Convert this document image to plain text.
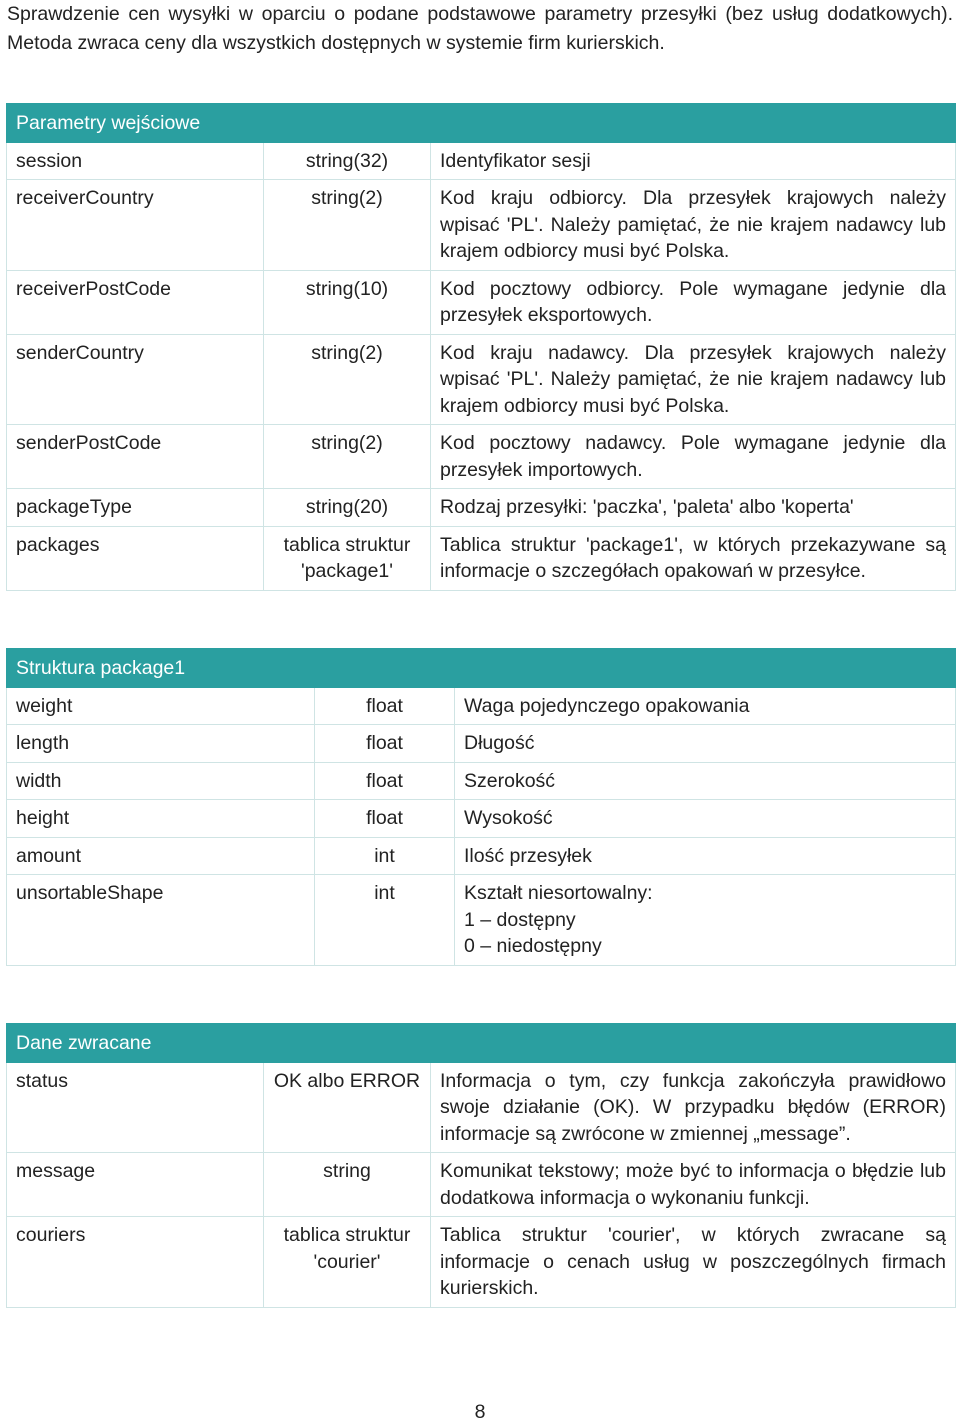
Sprawdzenie cen wysyłki w oparciu o podane podstawowe parametry przesyłki (bez usług dodatkowych). Metoda zwraca ceny dla wszystkich dostępnych w systemie firm kurierskich.
Parametry wejściowe		
session	string(32)	Identyfikator sesji
receiverCountry	string(2)	Kod kraju odbiorcy. Dla przesyłek krajowych należy wpisać 'PL'. Należy pamiętać, że nie krajem nadawcy lub krajem odbiorcy musi być Polska.
receiverPostCode	string(10)	Kod pocztowy odbiorcy. Pole wymagane jedynie dla przesyłek eksportowych.
senderCountry	string(2)	Kod kraju nadawcy. Dla przesyłek krajowych należy wpisać 'PL'. Należy pamiętać, że nie krajem nadawcy lub krajem odbiorcy musi być Polska.
senderPostCode	string(2)	Kod pocztowy nadawcy. Pole wymagane jedynie dla przesyłek importowych.
packageType	string(20)	Rodzaj przesyłki: 'paczka', 'paleta' albo 'koperta'
packages	tablica struktur 'package1'	Tablica struktur 'package1', w których przekazywane są informacje o szczegółach opakowań w przesyłce.
Struktura package1		
weight	float	Waga pojedynczego opakowania
length	float	Długość
width	float	Szerokość
height	float	Wysokość
amount	int	Ilość przesyłek
unsortableShape	int	Kształt niesortowalny:
1 – dostępny
0 – niedostępny
Dane zwracane		
status	OK albo ERROR	Informacja o tym, czy funkcja zakończyła prawidłowo swoje działanie (OK). W przypadku błędów (ERROR) informacje są zwrócone w zmiennej „message”.
message	string	Komunikat tekstowy; może być to informacja o błędzie lub dodatkowa informacja o wykonaniu funkcji.
couriers	tablica struktur 'courier'	Tablica struktur 'courier', w których zwracane są informacje o cenach usług w poszczególnych firmach kurierskich.
8
